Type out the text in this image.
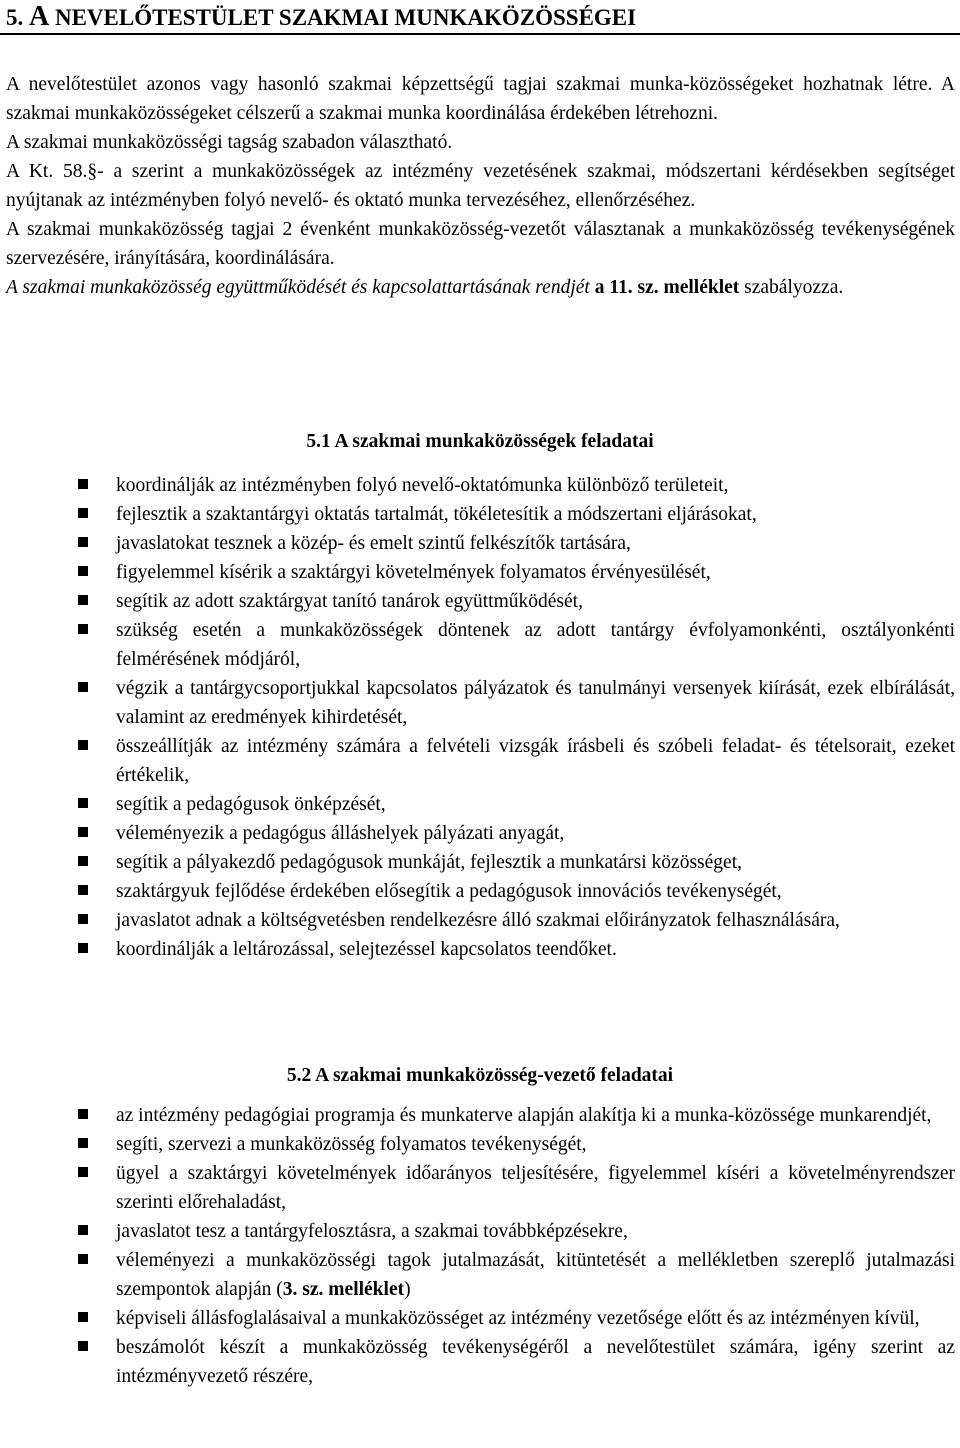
5. A NEVELŐTESTÜLET SZAKMAI MUNKAKÖZÖSSÉGEI

A nevelőtestület azonos vagy hasonló szakmai képzettségű tagjai szakmai munka-közösségeket hozhatnak létre. A szakmai munkaközösségeket célszerű a szakmai munka koordinálása érdekében létrehozni.

A szakmai munkaközösségi tagság szabadon választható.

A Kt. 58.§- a szerint a munkaközösségek az intézmény vezetésének szakmai, módszertani kérdésekben segítséget nyújtanak az intézményben folyó nevelő- és oktató munka tervezéséhez, ellenőrzéséhez.

A szakmai munkaközösség tagjai 2 évenként munkaközösség-vezetőt választanak a munkaközösség tevékenységének szervezésére, irányítására, koordinálására.

A szakmai munkaközösség együttműködését és kapcsolattartásának rendjét a 11. sz. melléklet szabályozza.

5.1 A szakmai munkaközösségek feladatai
koordinálják az intézményben folyó nevelő-oktatómunka különböző területeit,
fejlesztik a szaktantárgyi oktatás tartalmát, tökéletesítik a módszertani eljárásokat,
javaslatokat tesznek a közép- és emelt szintű felkészítők tartására,
figyelemmel kísérik a szaktárgyi követelmények folyamatos érvényesülését,
segítik az adott szaktárgyat tanító tanárok együttműködését,
szükség esetén a munkaközösségek döntenek az adott tantárgy évfolyamonkénti, osztályonkénti felmérésének módjáról,
végzik a tantárgycsoportjukkal kapcsolatos pályázatok és tanulmányi versenyek kiírását, ezek elbírálását, valamint az eredmények kihirdetését,
összeállítják az intézmény számára a felvételi vizsgák írásbeli és szóbeli feladat- és tételsorait, ezeket értékelik,
segítik a pedagógusok önképzését,
véleményezik a pedagógus álláshelyek pályázati anyagát,
segítik a pályakezdő pedagógusok munkáját, fejlesztik a munkatársi közösséget,
szaktárgyuk fejlődése érdekében elősegítik a pedagógusok innovációs tevékenységét,
javaslatot adnak a költségvetésben rendelkezésre álló szakmai előirányzatok felhasználására,
koordinálják a leltározással, selejtezéssel kapcsolatos teendőket.
5.2 A szakmai munkaközösség-vezető feladatai
az intézmény pedagógiai programja és munkaterve alapján alakítja ki a munka-közössége munkarendjét,
segíti, szervezi a munkaközösség folyamatos tevékenységét,
ügyel a szaktárgyi követelmények időarányos teljesítésére, figyelemmel kíséri a követelményrendszer szerinti előrehaladást,
javaslatot tesz a tantárgyfelosztásra, a szakmai továbbképzésekre,
véleményezi a munkaközösségi tagok jutalmazását, kitüntetését a mellékletben szereplő jutalmazási szempontok alapján (3. sz. melléklet)
képviseli állásfoglalásaival a munkaközösséget az intézmény vezetősége előtt és az intézményen kívül,
beszámolót készít a munkaközösség tevékenységéről a nevelőtestület számára, igény szerint az intézményvezető részére,
